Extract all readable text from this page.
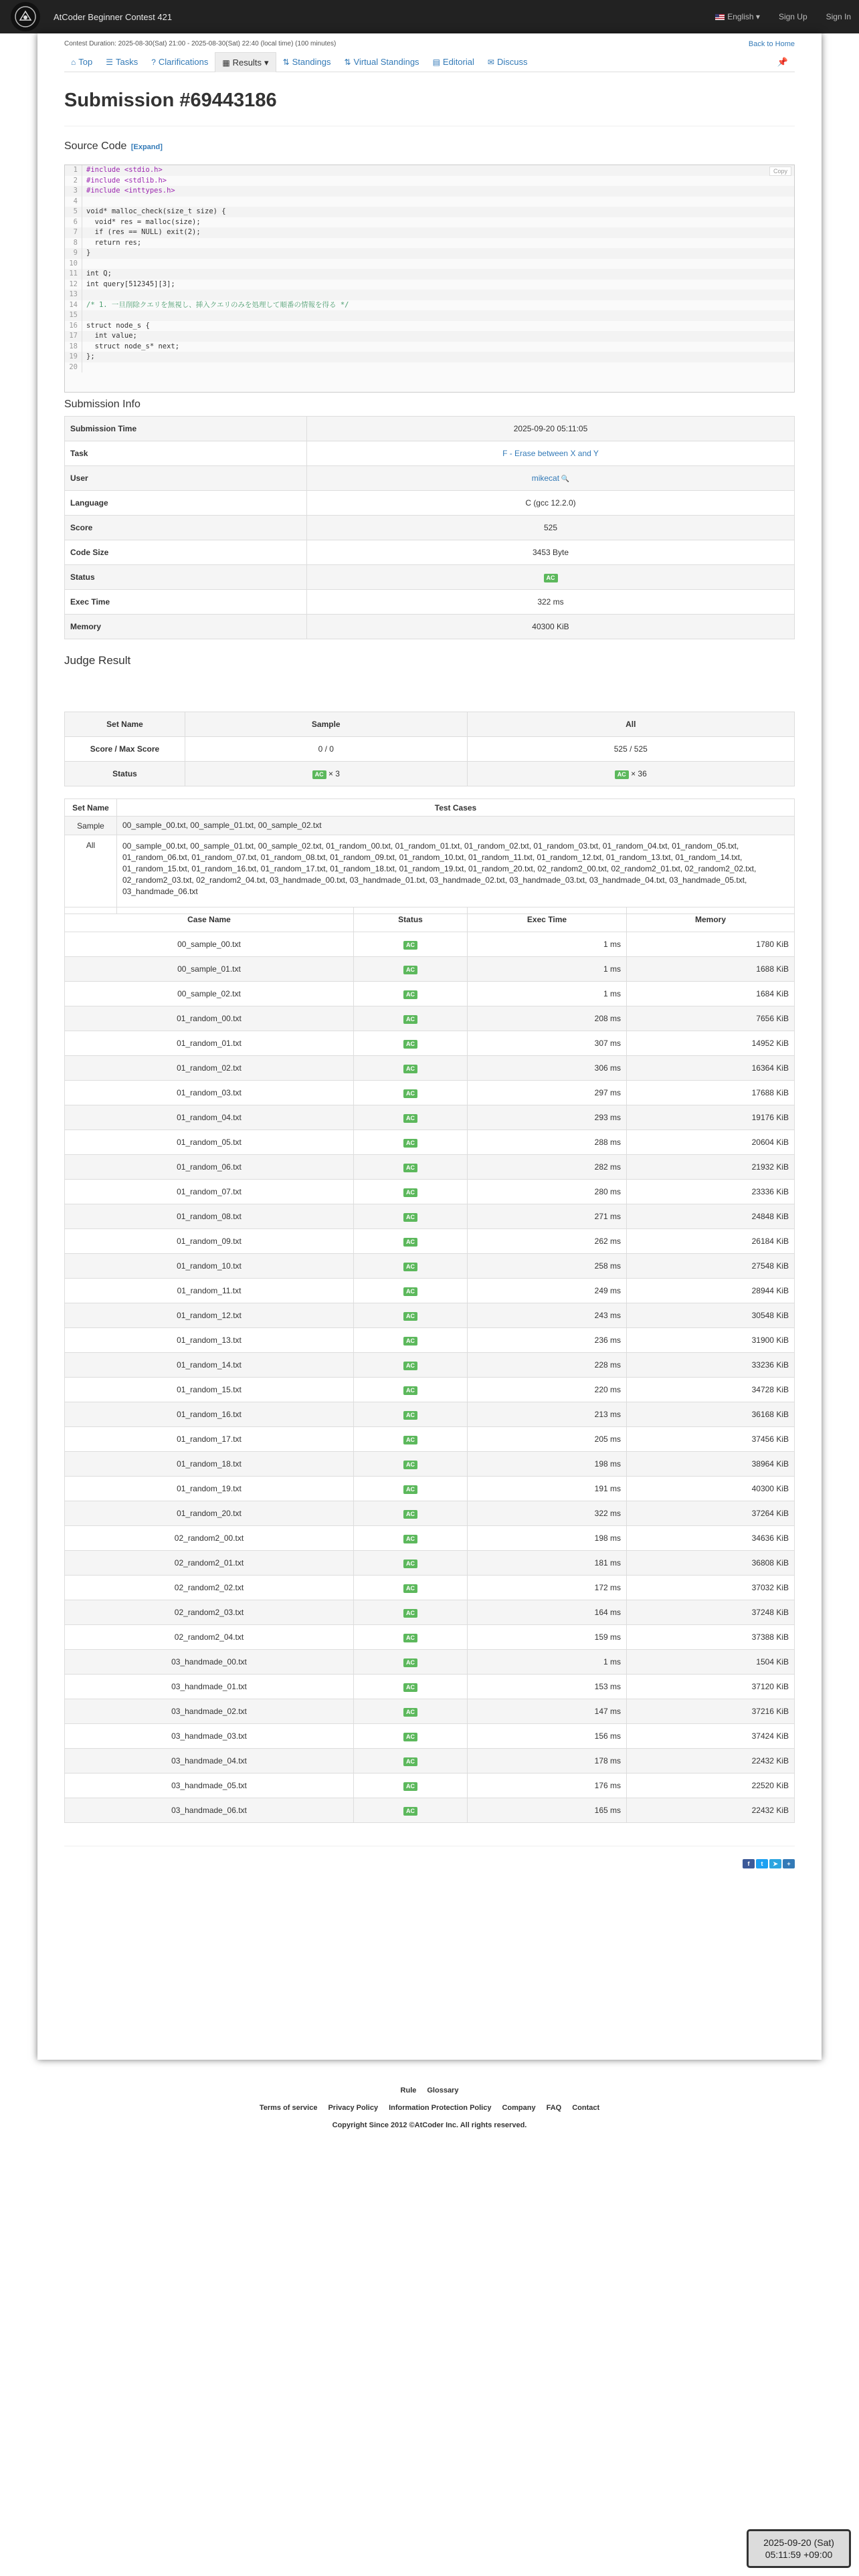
AtCoder Beginner Contest 421	English ▾ Sign Up Sign In
Contest Duration: 2025-08-30(Sat) 21:00 - 2025-08-30(Sat) 22:40 (local time) (100 minutes)	Back to Home
⌂ Top ☰ Tasks ? Clarifications ▦ Results ▾ ⇅ Standings ⇅ Virtual Standings ▤ Editorial ✉ Discuss	📌
Submission #69443186
Source Code [Expand]
Copy
1	#include <stdio.h>
2	#include <stdlib.h>
3	#include <inttypes.h>
4
5	void* malloc_check(size_t size) {
6	void* res = malloc(size);
7	if (res == NULL) exit(2);
8	return res;
9	}
10
11	int Q;
12	int query[512345][3];
13
14	/* 1. 一旦削除クエリを無視し、挿入クエリのみを処理して順番の情報を得る */
15
16	struct node_s {
17	int value;
18	struct node_s* next;
19	};
20
Submission Info
Submission Time	2025-09-20 05:11:05
Task	F - Erase between X and Y
User	mikecat 🔍
Language	C (gcc 12.2.0)
Score	525
Code Size	3453 Byte
Status	AC
Exec Time	322 ms
Memory	40300 KiB
Judge Result
Set Name	Sample	All
Score / Max Score	0 / 0	525 / 525
Status	AC × 3	AC × 36
Set Name	Test Cases
Sample	00_sample_00.txt, 00_sample_01.txt, 00_sample_02.txt
All	00_sample_00.txt, 00_sample_01.txt, 00_sample_02.txt, 01_random_00.txt, 01_random_01.txt, 01_random_02.txt, 01_random_03.txt, 01_random_04.txt, 01_random_05.txt, 01_random_06.txt, 01_random_07.txt, 01_random_08.txt, 01_random_09.txt, 01_random_10.txt, 01_random_11.txt, 01_random_12.txt, 01_random_13.txt, 01_random_14.txt, 01_random_15.txt, 01_random_16.txt, 01_random_17.txt, 01_random_18.txt, 01_random_19.txt, 01_random_20.txt, 02_random2_00.txt, 02_random2_01.txt, 02_random2_02.txt, 02_random2_03.txt, 02_random2_04.txt, 03_handmade_00.txt, 03_handmade_01.txt, 03_handmade_02.txt, 03_handmade_03.txt, 03_handmade_04.txt, 03_handmade_05.txt, 03_handmade_06.txt
Case Name	Status	Exec Time	Memory
00_sample_00.txt	AC	1 ms	1780 KiB
00_sample_01.txt	AC	1 ms	1688 KiB
00_sample_02.txt	AC	1 ms	1684 KiB
01_random_00.txt	AC	208 ms	7656 KiB
01_random_01.txt	AC	307 ms	14952 KiB
01_random_02.txt	AC	306 ms	16364 KiB
01_random_03.txt	AC	297 ms	17688 KiB
01_random_04.txt	AC	293 ms	19176 KiB
01_random_05.txt	AC	288 ms	20604 KiB
01_random_06.txt	AC	282 ms	21932 KiB
01_random_07.txt	AC	280 ms	23336 KiB
01_random_08.txt	AC	271 ms	24848 KiB
01_random_09.txt	AC	262 ms	26184 KiB
01_random_10.txt	AC	258 ms	27548 KiB
01_random_11.txt	AC	249 ms	28944 KiB
01_random_12.txt	AC	243 ms	30548 KiB
01_random_13.txt	AC	236 ms	31900 KiB
01_random_14.txt	AC	228 ms	33236 KiB
01_random_15.txt	AC	220 ms	34728 KiB
01_random_16.txt	AC	213 ms	36168 KiB
01_random_17.txt	AC	205 ms	37456 KiB
01_random_18.txt	AC	198 ms	38964 KiB
01_random_19.txt	AC	191 ms	40300 KiB
01_random_20.txt	AC	322 ms	37264 KiB
02_random2_00.txt	AC	198 ms	34636 KiB
02_random2_01.txt	AC	181 ms	36808 KiB
02_random2_02.txt	AC	172 ms	37032 KiB
02_random2_03.txt	AC	164 ms	37248 KiB
02_random2_04.txt	AC	159 ms	37388 KiB
03_handmade_00.txt	AC	1 ms	1504 KiB
03_handmade_01.txt	AC	153 ms	37120 KiB
03_handmade_02.txt	AC	147 ms	37216 KiB
03_handmade_03.txt	AC	156 ms	37424 KiB
03_handmade_04.txt	AC	178 ms	22432 KiB
03_handmade_05.txt	AC	176 ms	22520 KiB
03_handmade_06.txt	AC	165 ms	22432 KiB
f	t	➤	+
Rule Glossary
Terms of service Privacy Policy Information Protection Policy Company FAQ Contact
Copyright Since 2012 ©AtCoder Inc. All rights reserved.
2025-09-20 (Sat)
05:11:59 +09:00
